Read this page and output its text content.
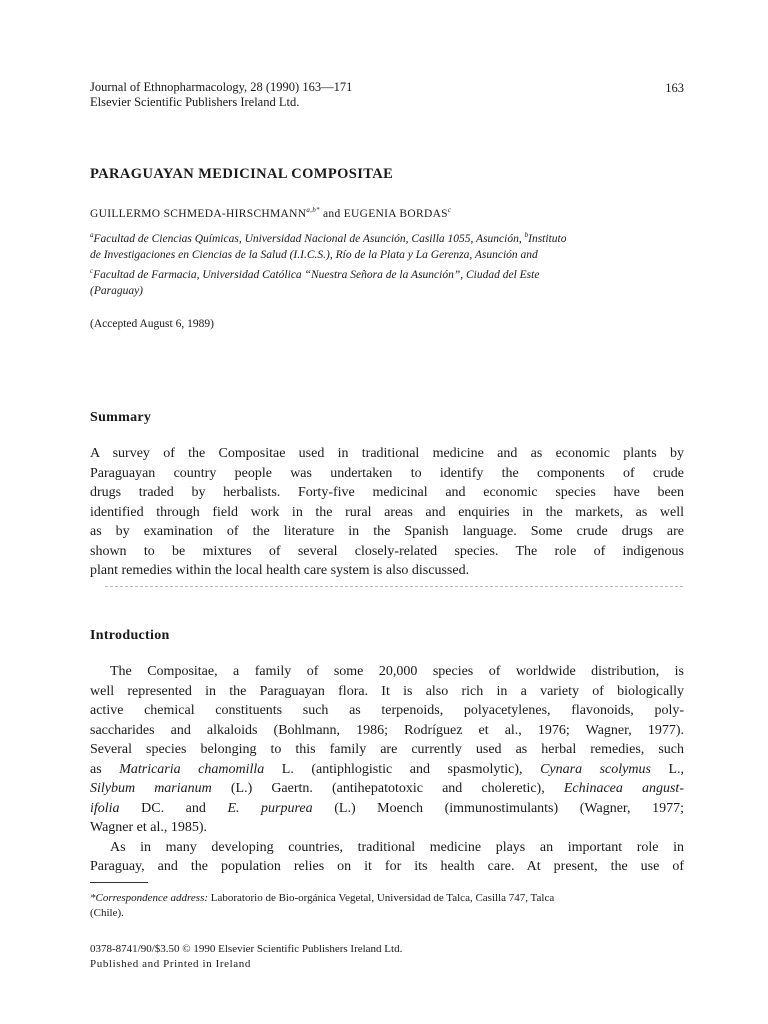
Journal of Ethnopharmacology, 28 (1990) 163—171
Elsevier Scientific Publishers Ireland Ltd.
163
PARAGUAYAN MEDICINAL COMPOSITAE
GUILLERMO SCHMEDA-$HIRSCHMANN^{a,b*}$ and EUGENIA BORDAS$^c$
$^a$Facultad de Ciencias Químicas, Universidad Nacional de Asunción, Casilla 1055, Asunción, $^b$Instituto
de Investigaciones en Ciencias de la Salud (I.I.C.S.), Río de la Plata y La Gerenza, Asunción and
$^c$Facultad de Farmacia, Universidad Católica “Nuestra Señora de la Asunción”, Ciudad del Este
(Paraguay)
(Accepted August 6, 1989)
Summary
A survey of the Compositae used in traditional medicine and as economic plants by
Paraguayan country people was undertaken to identify the components of crude
drugs traded by herbalists. Forty-five medicinal and economic species have been
identified through field work in the rural areas and enquiries in the markets, as well
as by examination of the literature in the Spanish language. Some crude drugs are
shown to be mixtures of several closely-related species. The role of indigenous
plant remedies within the local health care system is also discussed.
Introduction
The Compositae, a family of some 20,000 species of worldwide distribution, is
well represented in the Paraguayan flora. It is also rich in a variety of biologically
active chemical constituents such as terpenoids, polyacetylenes, flavonoids, poly-
saccharides and alkaloids (Bohlmann, 1986; Rodríguez et al., 1976; Wagner, 1977).
Several species belonging to this family are currently used as herbal remedies, such
as Matricaria chamomilla L. (antiphlogistic and spasmolytic), Cynara scolymus L.,
Silybum marianum (L.) Gaertn. (antihepatotoxic and choleretic), Echinacea angust-
ifolia DC. and E. purpurea (L.) Moench (immunostimulants) (Wagner, 1977;
Wagner et al., 1985).
As in many developing countries, traditional medicine plays an important role in
Paraguay, and the population relies on it for its health care. At present, the use of
*Correspondence address: Laboratorio de Bio-orgánica Vegetal, Universidad de Talca, Casilla 747, Talca
(Chile).
0378-8741/90/$3.50 © 1990 Elsevier Scientific Publishers Ireland Ltd.
Published and Printed in Ireland
